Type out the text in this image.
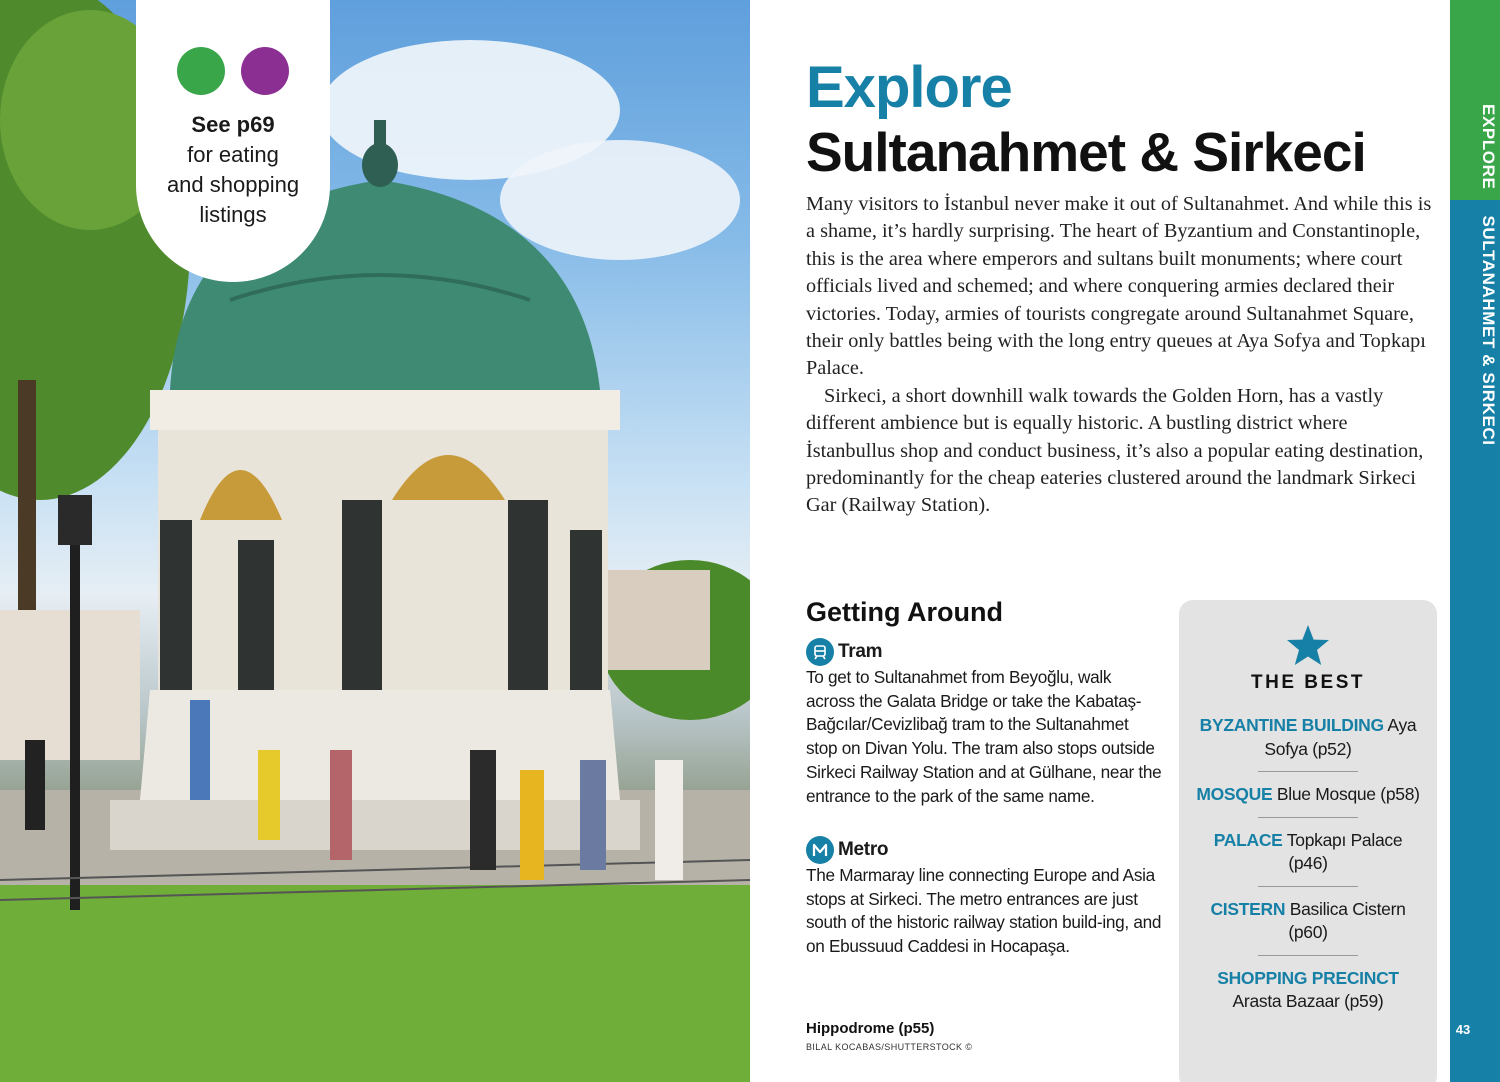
See p69
for eating
and shopping
listings
Explore
Sultanahmet & Sirkeci

Many visitors to İstanbul never make it out of Sultanahmet. And while this is a shame, it’s hardly surprising. The heart of Byzantium and Constantinople, this is the area where emperors and sultans built monuments; where court officials lived and schemed; and where conquering armies declared their victories. Today, armies of tourists congregate around Sultanahmet Square, their only battles being with the long entry queues at Aya Sofya and Topkapı Palace.

Sirkeci, a short downhill walk towards the Golden Horn, has a vastly different ambience but is equally historic. A bustling district where İstanbullus shop and conduct business, it’s also a popular eating destination, predominantly for the cheap eateries clustered around the landmark Sirkeci Gar (Railway Station).

Getting Around
Tram
To get to Sultanahmet from Beyoğlu, walk across the Galata Bridge or take the Kabataş-Bağcılar/Cevizlibağ tram to the Sultanahmet stop on Divan Yolu. The tram also stops outside Sirkeci Railway Station and at Gülhane, near the entrance to the park of the same name.
Metro
The Marmaray line connecting Europe and Asia stops at Sirkeci. The metro entrances are just south of the historic railway station build-ing, and on Ebussuud Caddesi in Hocapaşa.
Hippodrome (p55)
BILAL KOCABAS/SHUTTERSTOCK ©
THE BEST
BYZANTINE BUILDING Aya Sofya (p52)
MOSQUE Blue Mosque (p58)
PALACE Topkapı Palace (p46)
CISTERN Basilica Cistern (p60)
SHOPPING PRECINCT Arasta Bazaar (p59)
EXPLORESULTANAHMET & SIRKECI
43
